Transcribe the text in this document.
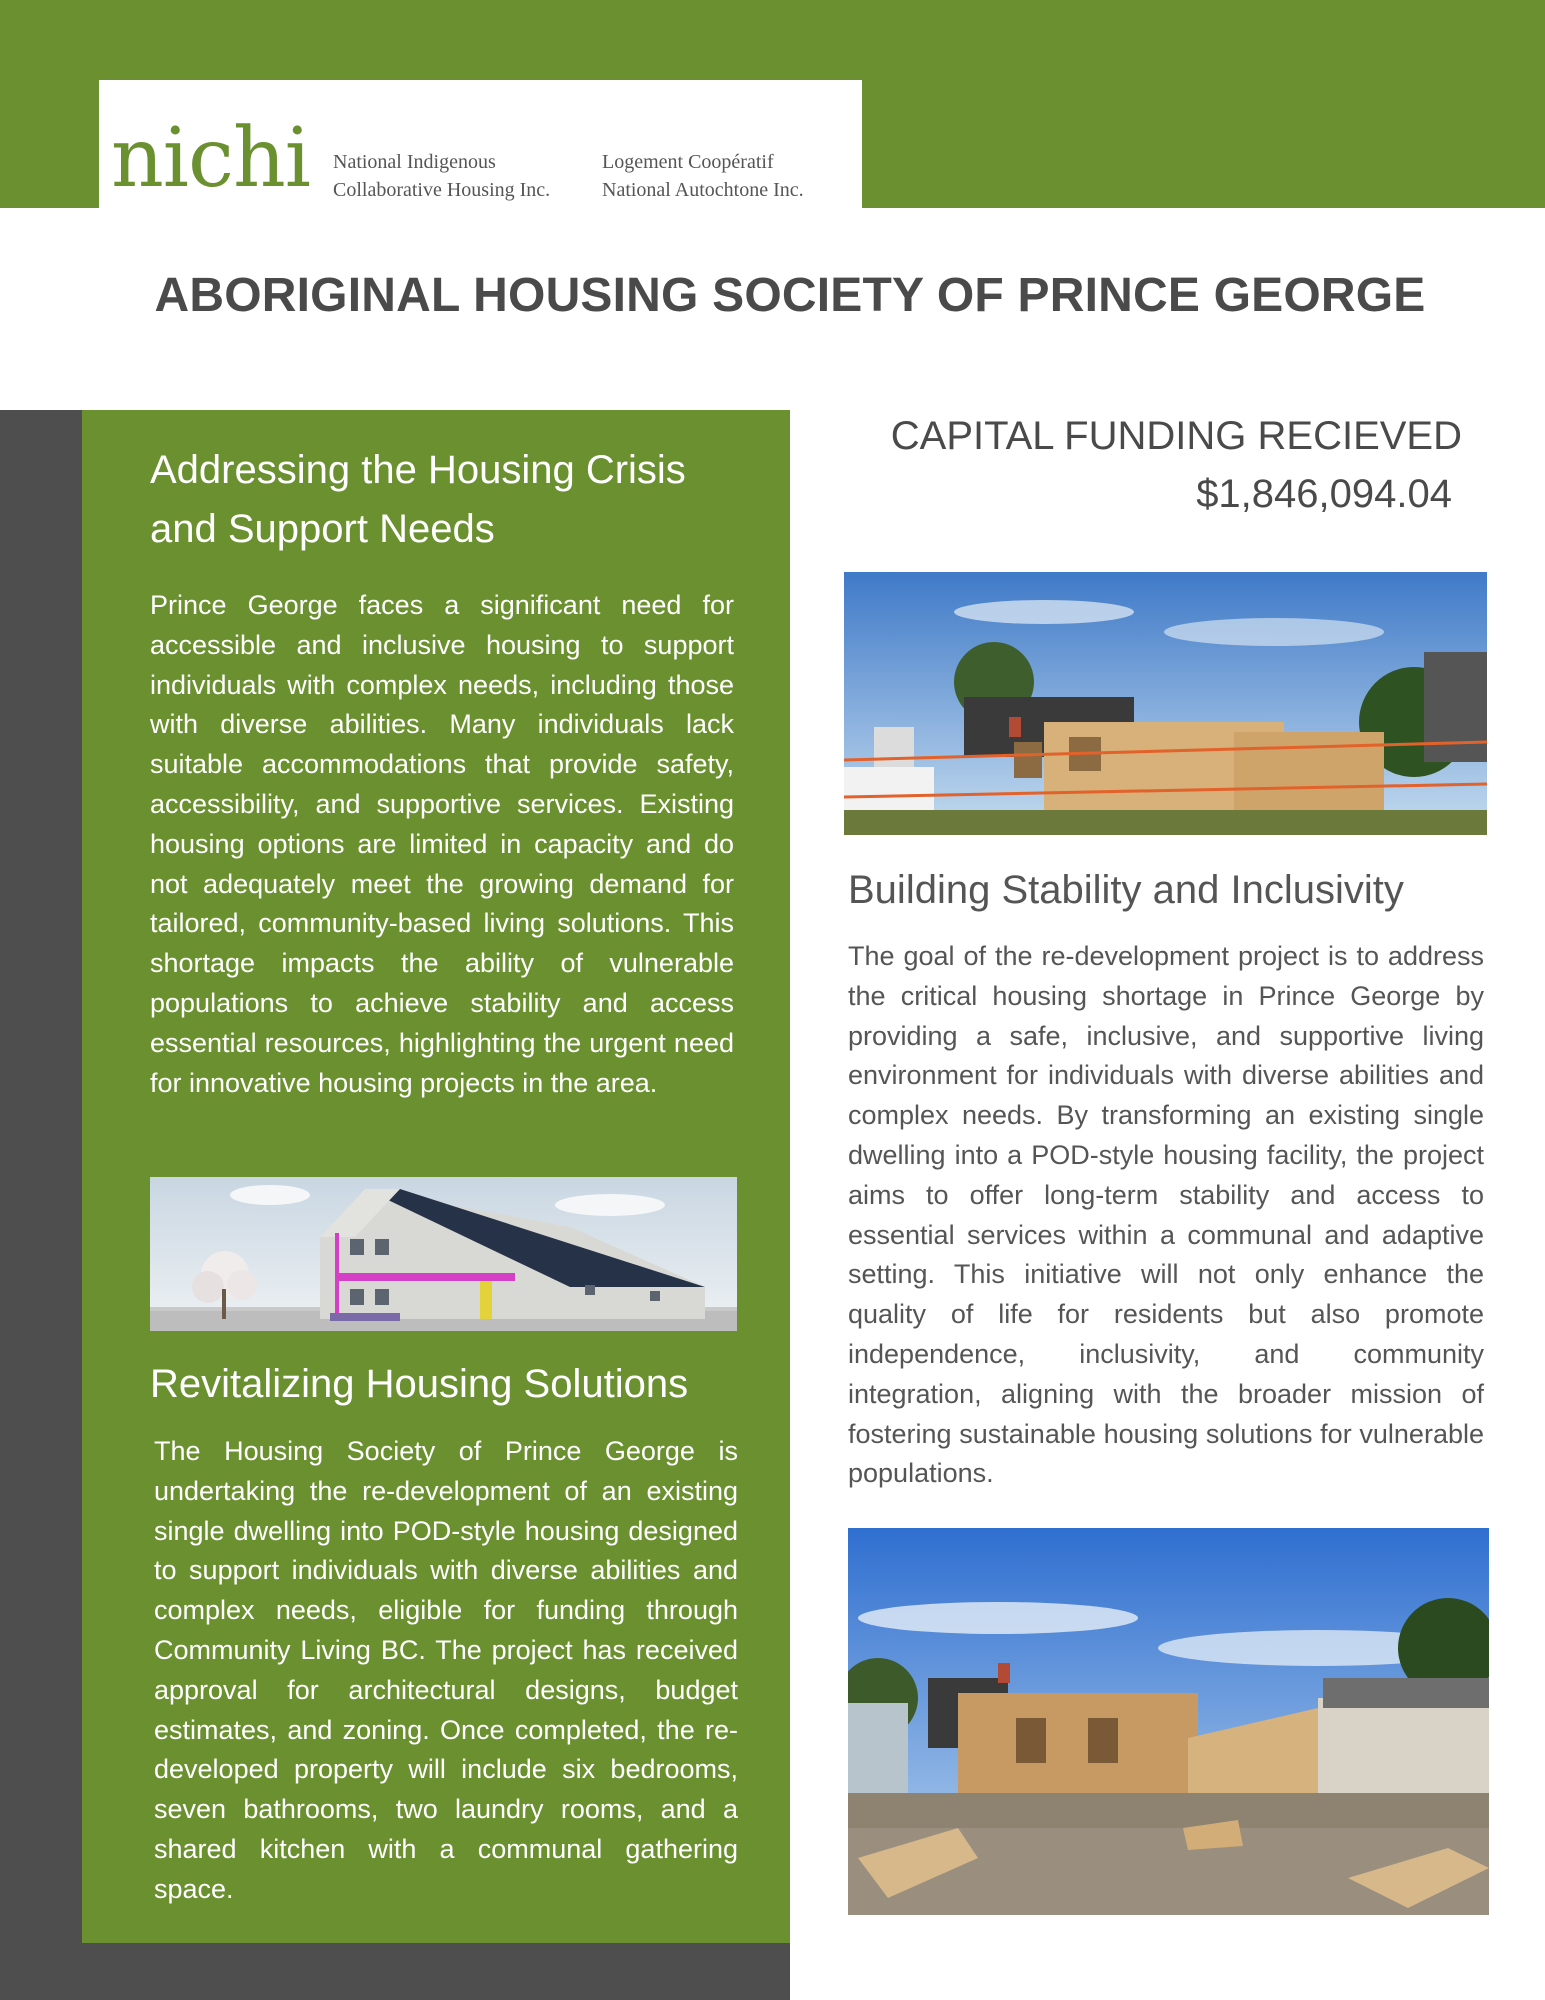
nichi National Indigenous
Collaborative Housing Inc.
Logement Coopératif
National Autochtone Inc.
ABORIGINAL HOUSING SOCIETY OF PRINCE GEORGE
Addressing the Housing Crisis
and Support Needs

Prince George faces a significant need for accessible and inclusive housing to support individuals with complex needs, including those with diverse abilities. Many individuals lack suitable accommodations that provide safety, accessibility, and supportive services. Existing housing options are limited in capacity and do not adequately meet the growing demand for tailored, community-based living solutions. This shortage impacts the ability of vulnerable populations to achieve stability and access essential resources, highlighting the urgent need for innovative housing projects in the area.

Revitalizing Housing Solutions

The Housing Society of Prince George is undertaking the re-development of an existing single dwelling into POD-style housing designed to support individuals with diverse abilities and complex needs, eligible for funding through Community Living BC. The project has received approval for architectural designs, budget estimates, and zoning. Once completed, the re-developed property will include six bedrooms, seven bathrooms, two laundry rooms, and a shared kitchen with a communal gathering space.

CAPITAL FUNDING RECIEVED
$1,846,094.04
Building Stability and Inclusivity

The goal of the re-development project is to address the critical housing shortage in Prince George by providing a safe, inclusive, and supportive living environment for individuals with diverse abilities and complex needs. By transforming an existing single dwelling into a POD-style housing facility, the project aims to offer long-term stability and access to essential services within a communal and adaptive setting. This initiative will not only enhance the quality of life for residents but also promote independence, inclusivity, and community integration, aligning with the broader mission of fostering sustainable housing solutions for vulnerable populations.
